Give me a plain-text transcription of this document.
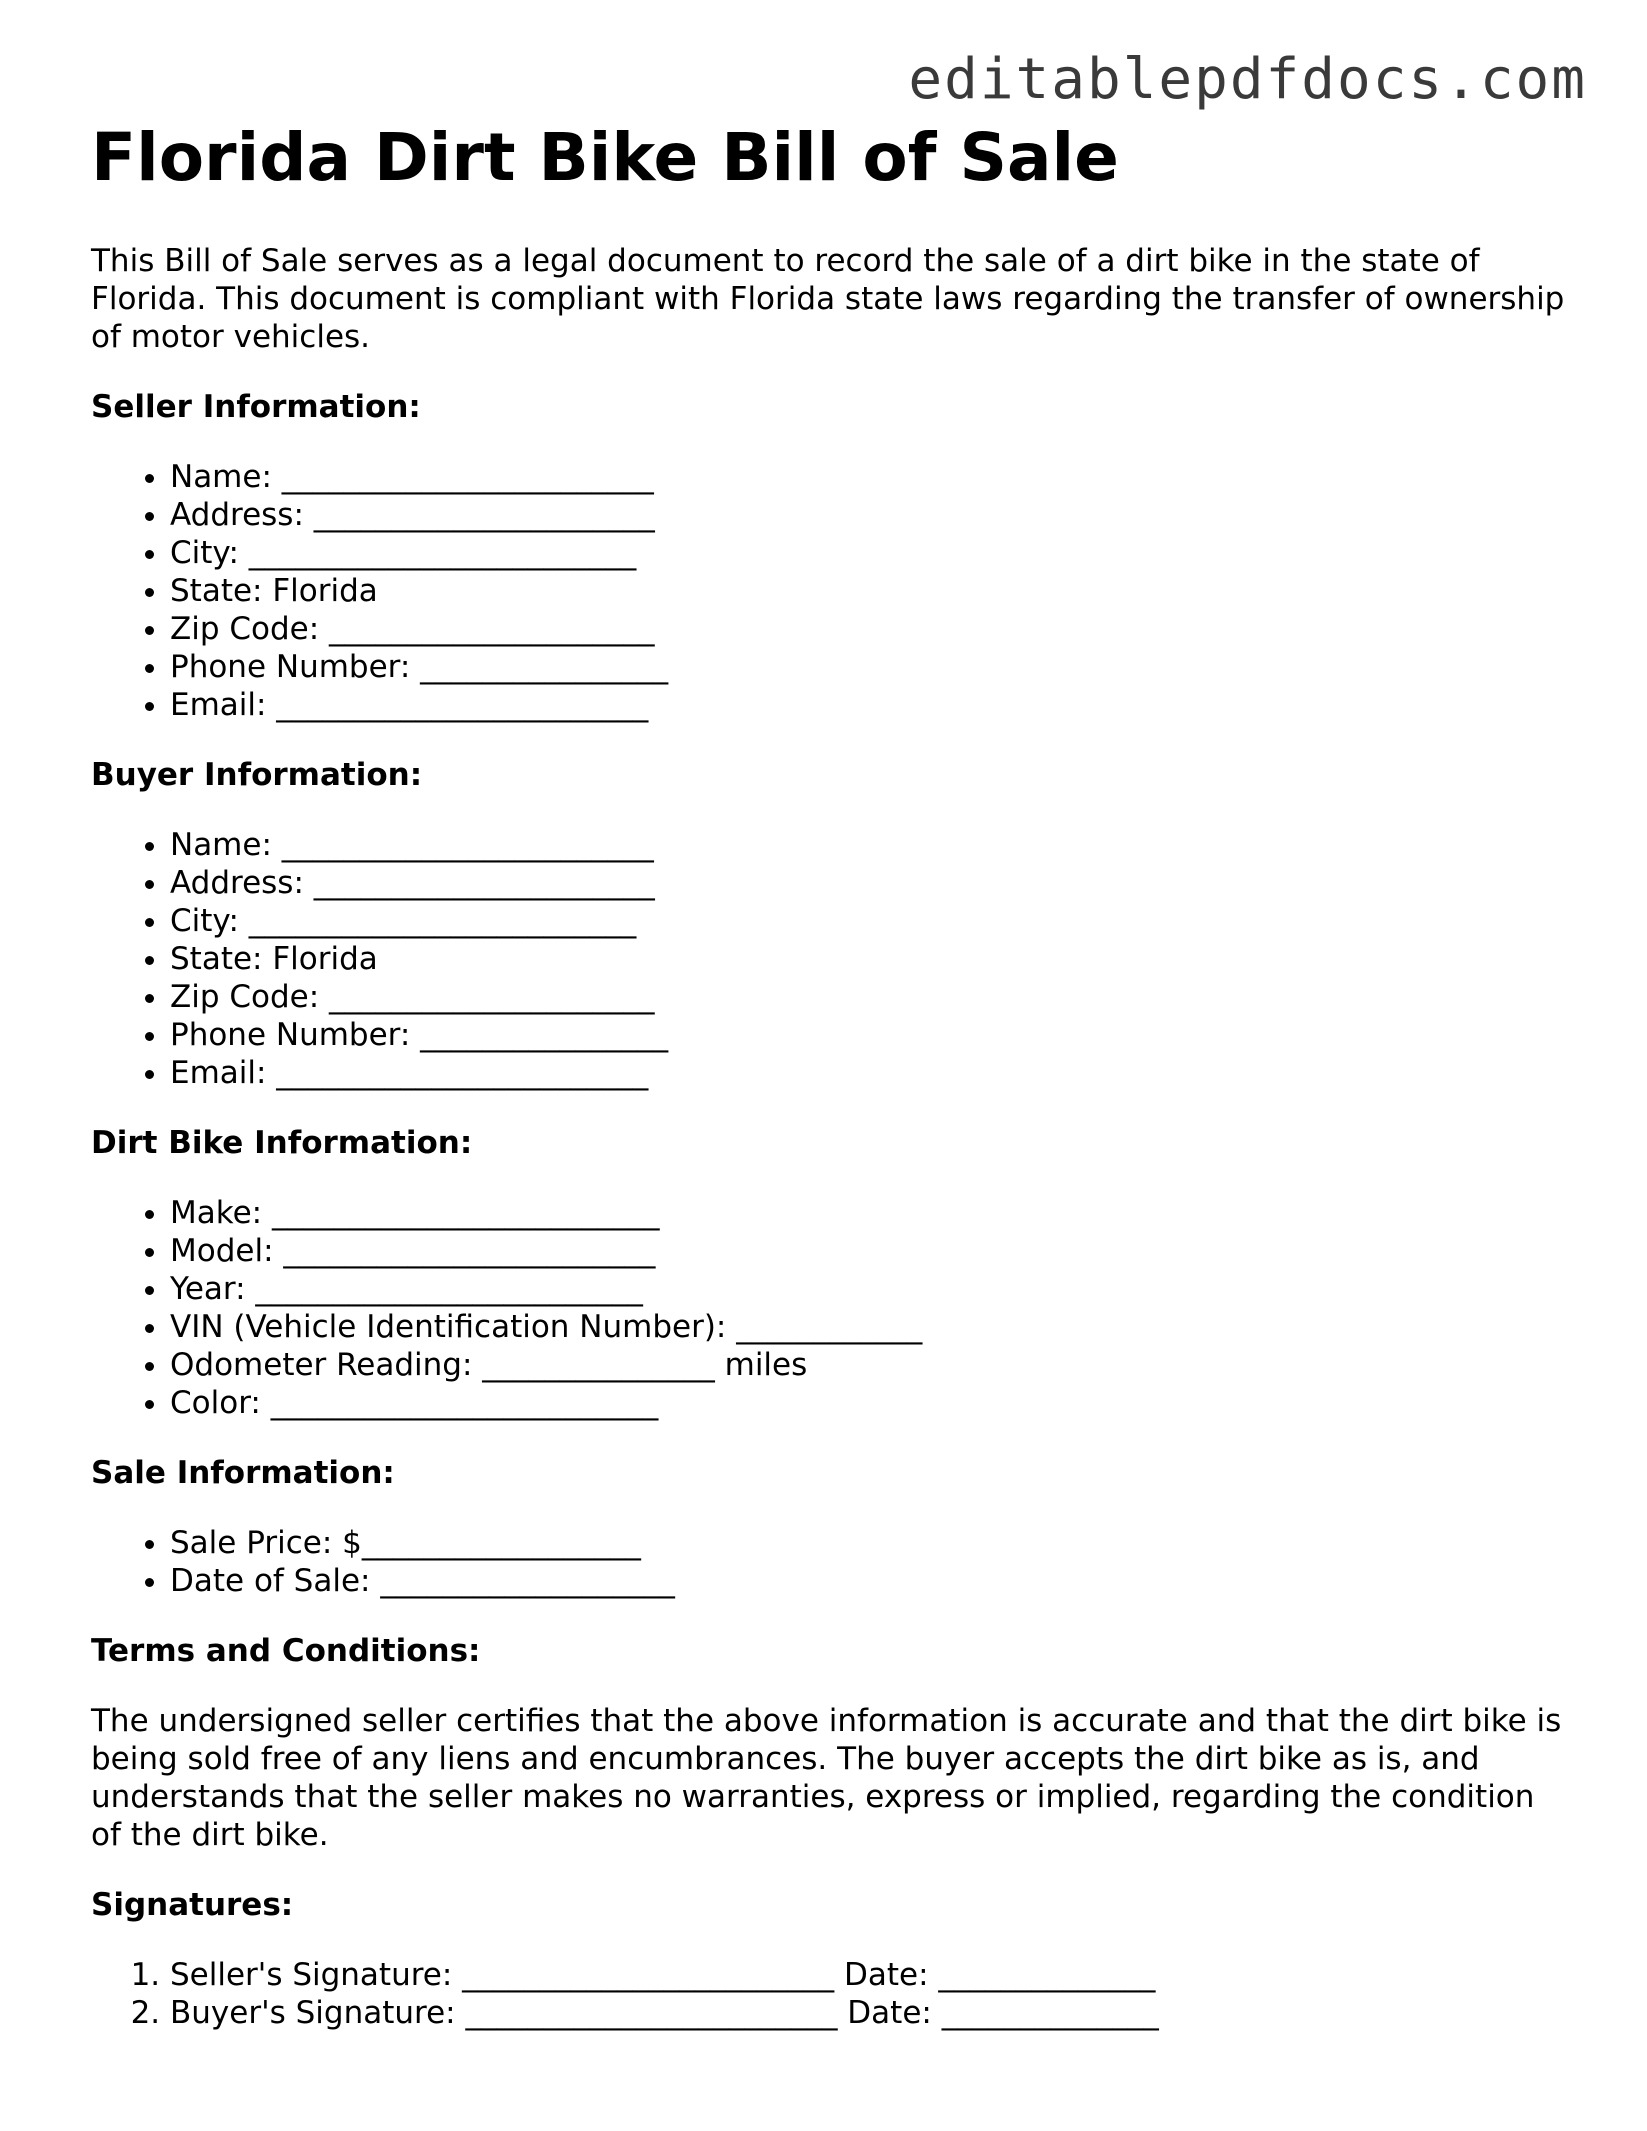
editablepdfdocs.com
Florida Dirt Bike Bill of Sale

This Bill of Sale serves as a legal document to record the sale of a dirt bike in the state of Florida. This document is compliant with Florida state laws regarding the transfer of ownership of motor vehicles.

Seller Information:
• Name: ________________________
• Address: ______________________
• City: _________________________
• State: Florida
• Zip Code: _____________________
• Phone Number: ________________
• Email: ________________________
Buyer Information:
• Name: ________________________
• Address: ______________________
• City: _________________________
• State: Florida
• Zip Code: _____________________
• Phone Number: ________________
• Email: ________________________
Dirt Bike Information:
• Make: _________________________
• Model: ________________________
• Year: _________________________
• VIN (Vehicle Identification Number): ____________
• Odometer Reading: _______________ miles
• Color: _________________________
Sale Information:
• Sale Price: $__________________
• Date of Sale: ___________________
Terms and Conditions:

The undersigned seller certifies that the above information is accurate and that the dirt bike is being sold free of any liens and encumbrances. The buyer accepts the dirt bike as is, and understands that the seller makes no warranties, express or implied, regarding the condition of the dirt bike.

Signatures:
1. Seller's Signature: ________________________ Date: ______________
2. Buyer's Signature: ________________________ Date: ______________
